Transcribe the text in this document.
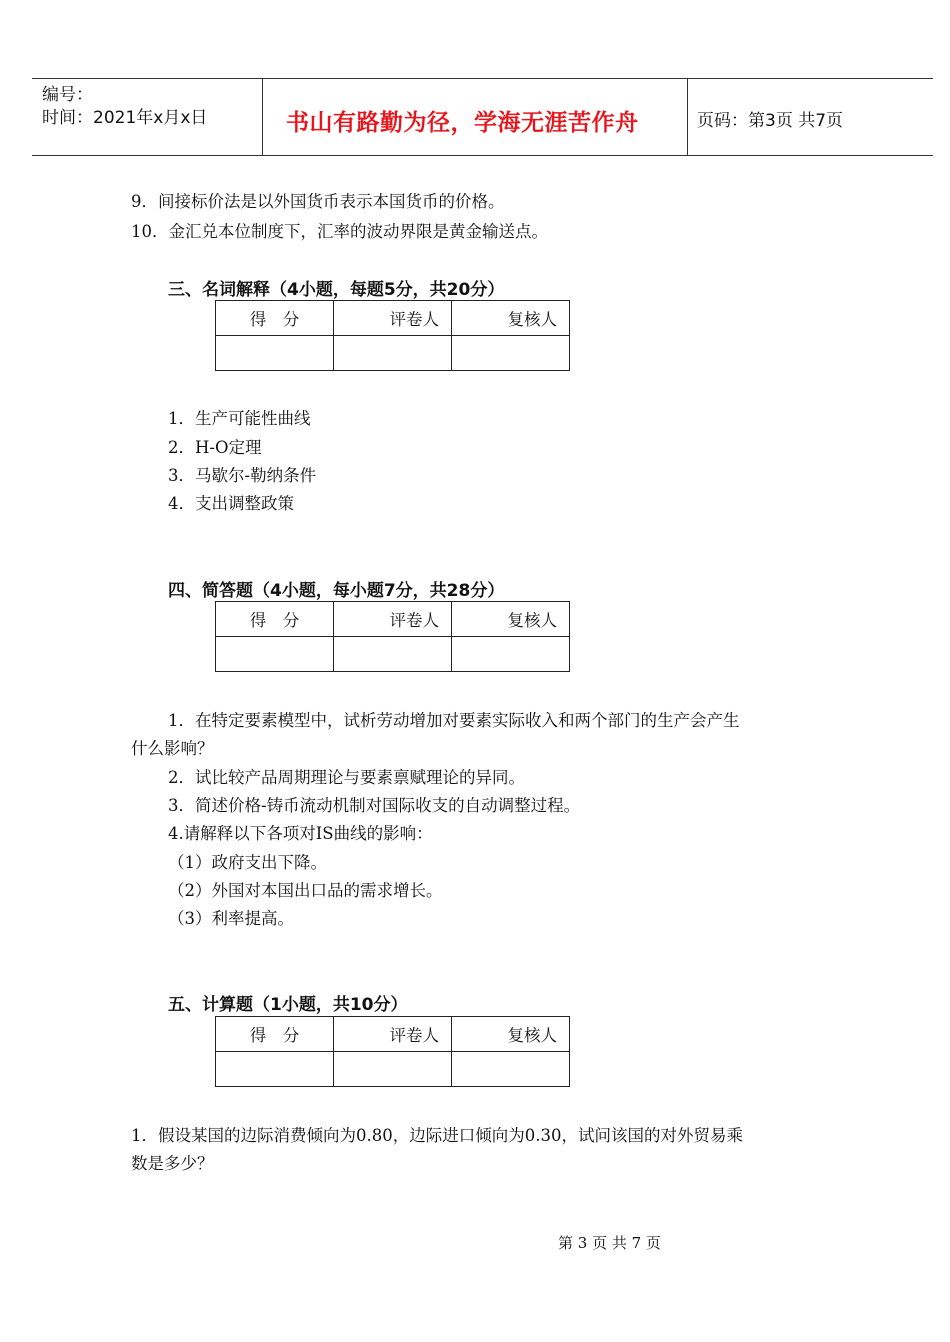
编号：
时间：2021年x月x日	书山有路勤为径，学海无涯苦作舟	页码：第3页 共7页
9．间接标价法是以外国货币表示本国货币的价格。
10．金汇兑本位制度下，汇率的波动界限是黄金输送点。
三、名词解释（4小题，每题5分，共20分）
得　分	评卷人	复核人

1．生产可能性曲线
2．H-O定理
3．马歇尔-勒纳条件
4．支出调整政策
四、简答题（4小题，每小题7分，共28分）
得　分	评卷人	复核人

1．在特定要素模型中，试析劳动增加对要素实际收入和两个部门的生产会产生
什么影响？
2．试比较产品周期理论与要素禀赋理论的异同。
3．简述价格-铸币流动机制对国际收支的自动调整过程。
4.请解释以下各项对IS曲线的影响：
（1）政府支出下降。
（2）外国对本国出口品的需求增长。
（3）利率提高。
五、计算题（1小题，共10分）
得　分	评卷人	复核人

1．假设某国的边际消费倾向为0.80，边际进口倾向为0.30，试问该国的对外贸易乘
数是多少？
第 3 页 共 7 页
